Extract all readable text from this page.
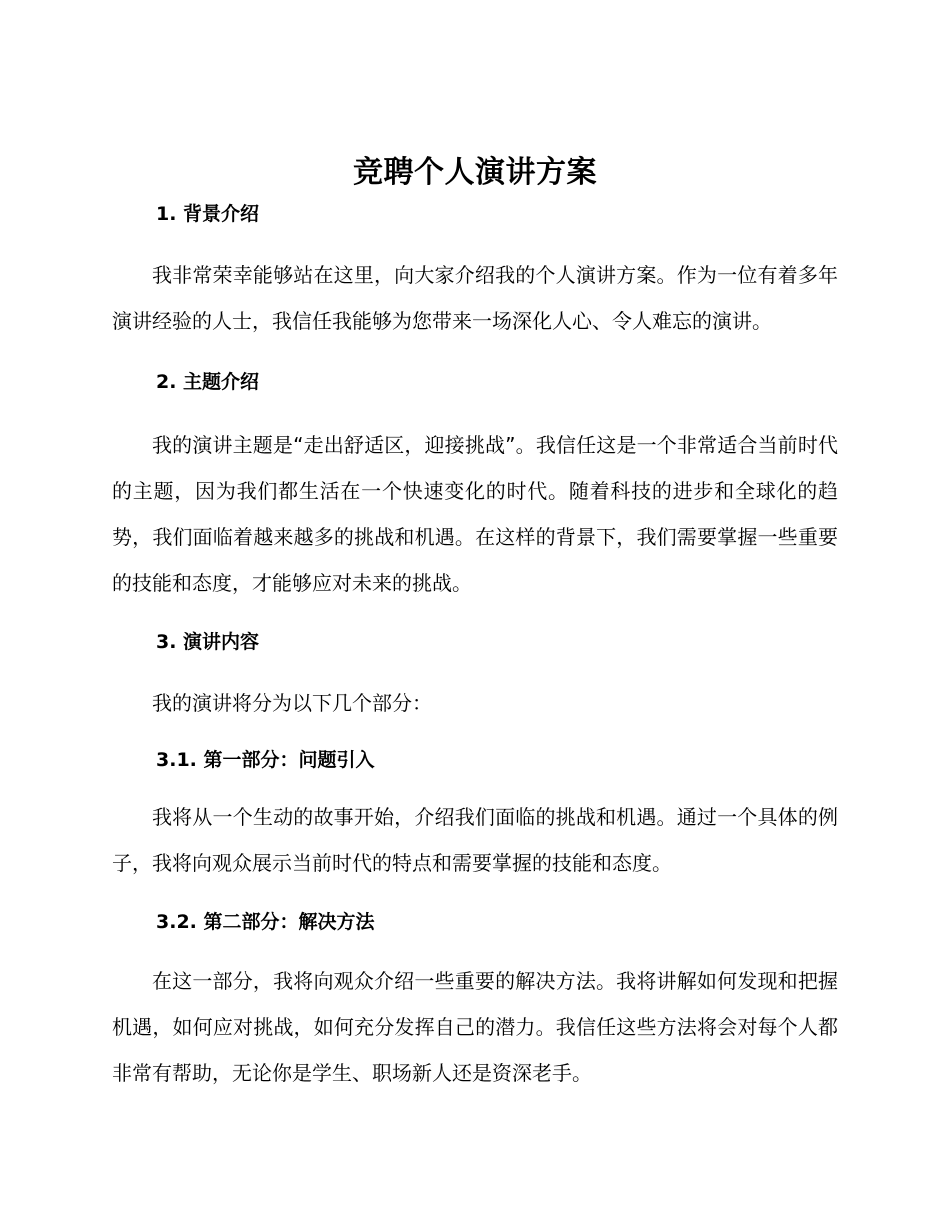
竞聘个人演讲方案
1. 背景介绍

我非常荣幸能够站在这里，向大家介绍我的个人演讲方案。作为一位有着多年演讲经验的人士，我信任我能够为您带来一场深化人心、令人难忘的演讲。

2. 主题介绍

我的演讲主题是“走出舒适区，迎接挑战”。我信任这是一个非常适合当前时代的主题，因为我们都生活在一个快速变化的时代。随着科技的进步和全球化的趋势，我们面临着越来越多的挑战和机遇。在这样的背景下，我们需要掌握一些重要的技能和态度，才能够应对未来的挑战。

3. 演讲内容

我的演讲将分为以下几个部分：

3.1. 第一部分：问题引入

我将从一个生动的故事开始，介绍我们面临的挑战和机遇。通过一个具体的例子，我将向观众展示当前时代的特点和需要掌握的技能和态度。

3.2. 第二部分：解决方法

在这一部分，我将向观众介绍一些重要的解决方法。我将讲解如何发现和把握机遇，如何应对挑战，如何充分发挥自己的潜力。我信任这些方法将会对每个人都非常有帮助，无论你是学生、职场新人还是资深老手。
